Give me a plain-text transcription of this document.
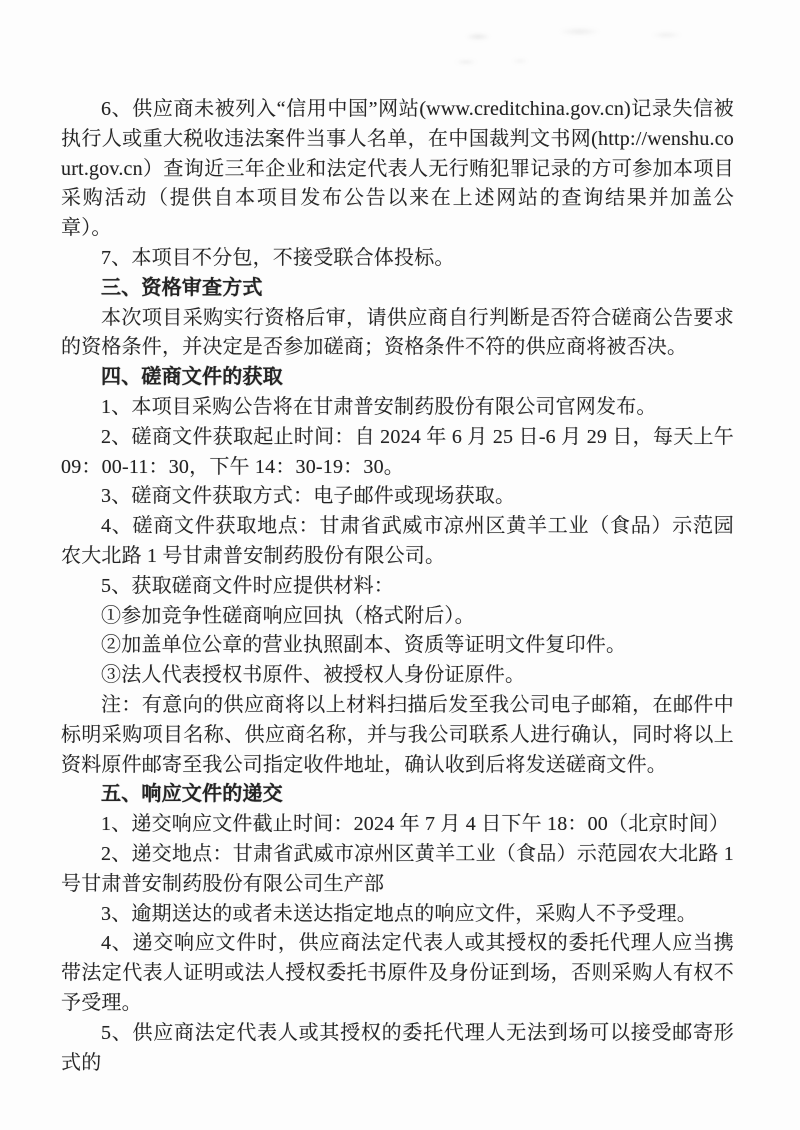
6、供应商未被列入“信用中国”网站(www.creditchina.gov.cn)记录失信被执行人或重大税收违法案件当事人名单，在中国裁判文书网(http://wenshu.court.gov.cn）查询近三年企业和法定代表人无行贿犯罪记录的方可参加本项目采购活动（提供自本项目发布公告以来在上述网站的查询结果并加盖公章）。

7、本项目不分包，不接受联合体投标。

三、资格审查方式

本次项目采购实行资格后审，请供应商自行判断是否符合磋商公告要求的资格条件，并决定是否参加磋商；资格条件不符的供应商将被否决。

四、磋商文件的获取

1、本项目采购公告将在甘肃普安制药股份有限公司官网发布。

2、磋商文件获取起止时间：自 2024 年 6 月 25 日-6 月 29 日，每天上午 09：00-11：30，下午 14：30-19：30。

3、磋商文件获取方式：电子邮件或现场获取。

4、磋商文件获取地点：甘肃省武威市凉州区黄羊工业（食品）示范园农大北路 1 号甘肃普安制药股份有限公司。

5、获取磋商文件时应提供材料：

①参加竞争性磋商响应回执（格式附后）。

②加盖单位公章的营业执照副本、资质等证明文件复印件。

③法人代表授权书原件、被授权人身份证原件。

注：有意向的供应商将以上材料扫描后发至我公司电子邮箱，在邮件中标明采购项目名称、供应商名称，并与我公司联系人进行确认，同时将以上资料原件邮寄至我公司指定收件地址，确认收到后将发送磋商文件。

五、响应文件的递交

1、递交响应文件截止时间：2024 年 7 月 4 日下午 18：00（北京时间）

2、递交地点：甘肃省武威市凉州区黄羊工业（食品）示范园农大北路 1 号甘肃普安制药股份有限公司生产部

3、逾期送达的或者未送达指定地点的响应文件，采购人不予受理。

4、递交响应文件时，供应商法定代表人或其授权的委托代理人应当携带法定代表人证明或法人授权委托书原件及身份证到场，否则采购人有权不予受理。

5、供应商法定代表人或其授权的委托代理人无法到场可以接受邮寄形式的
